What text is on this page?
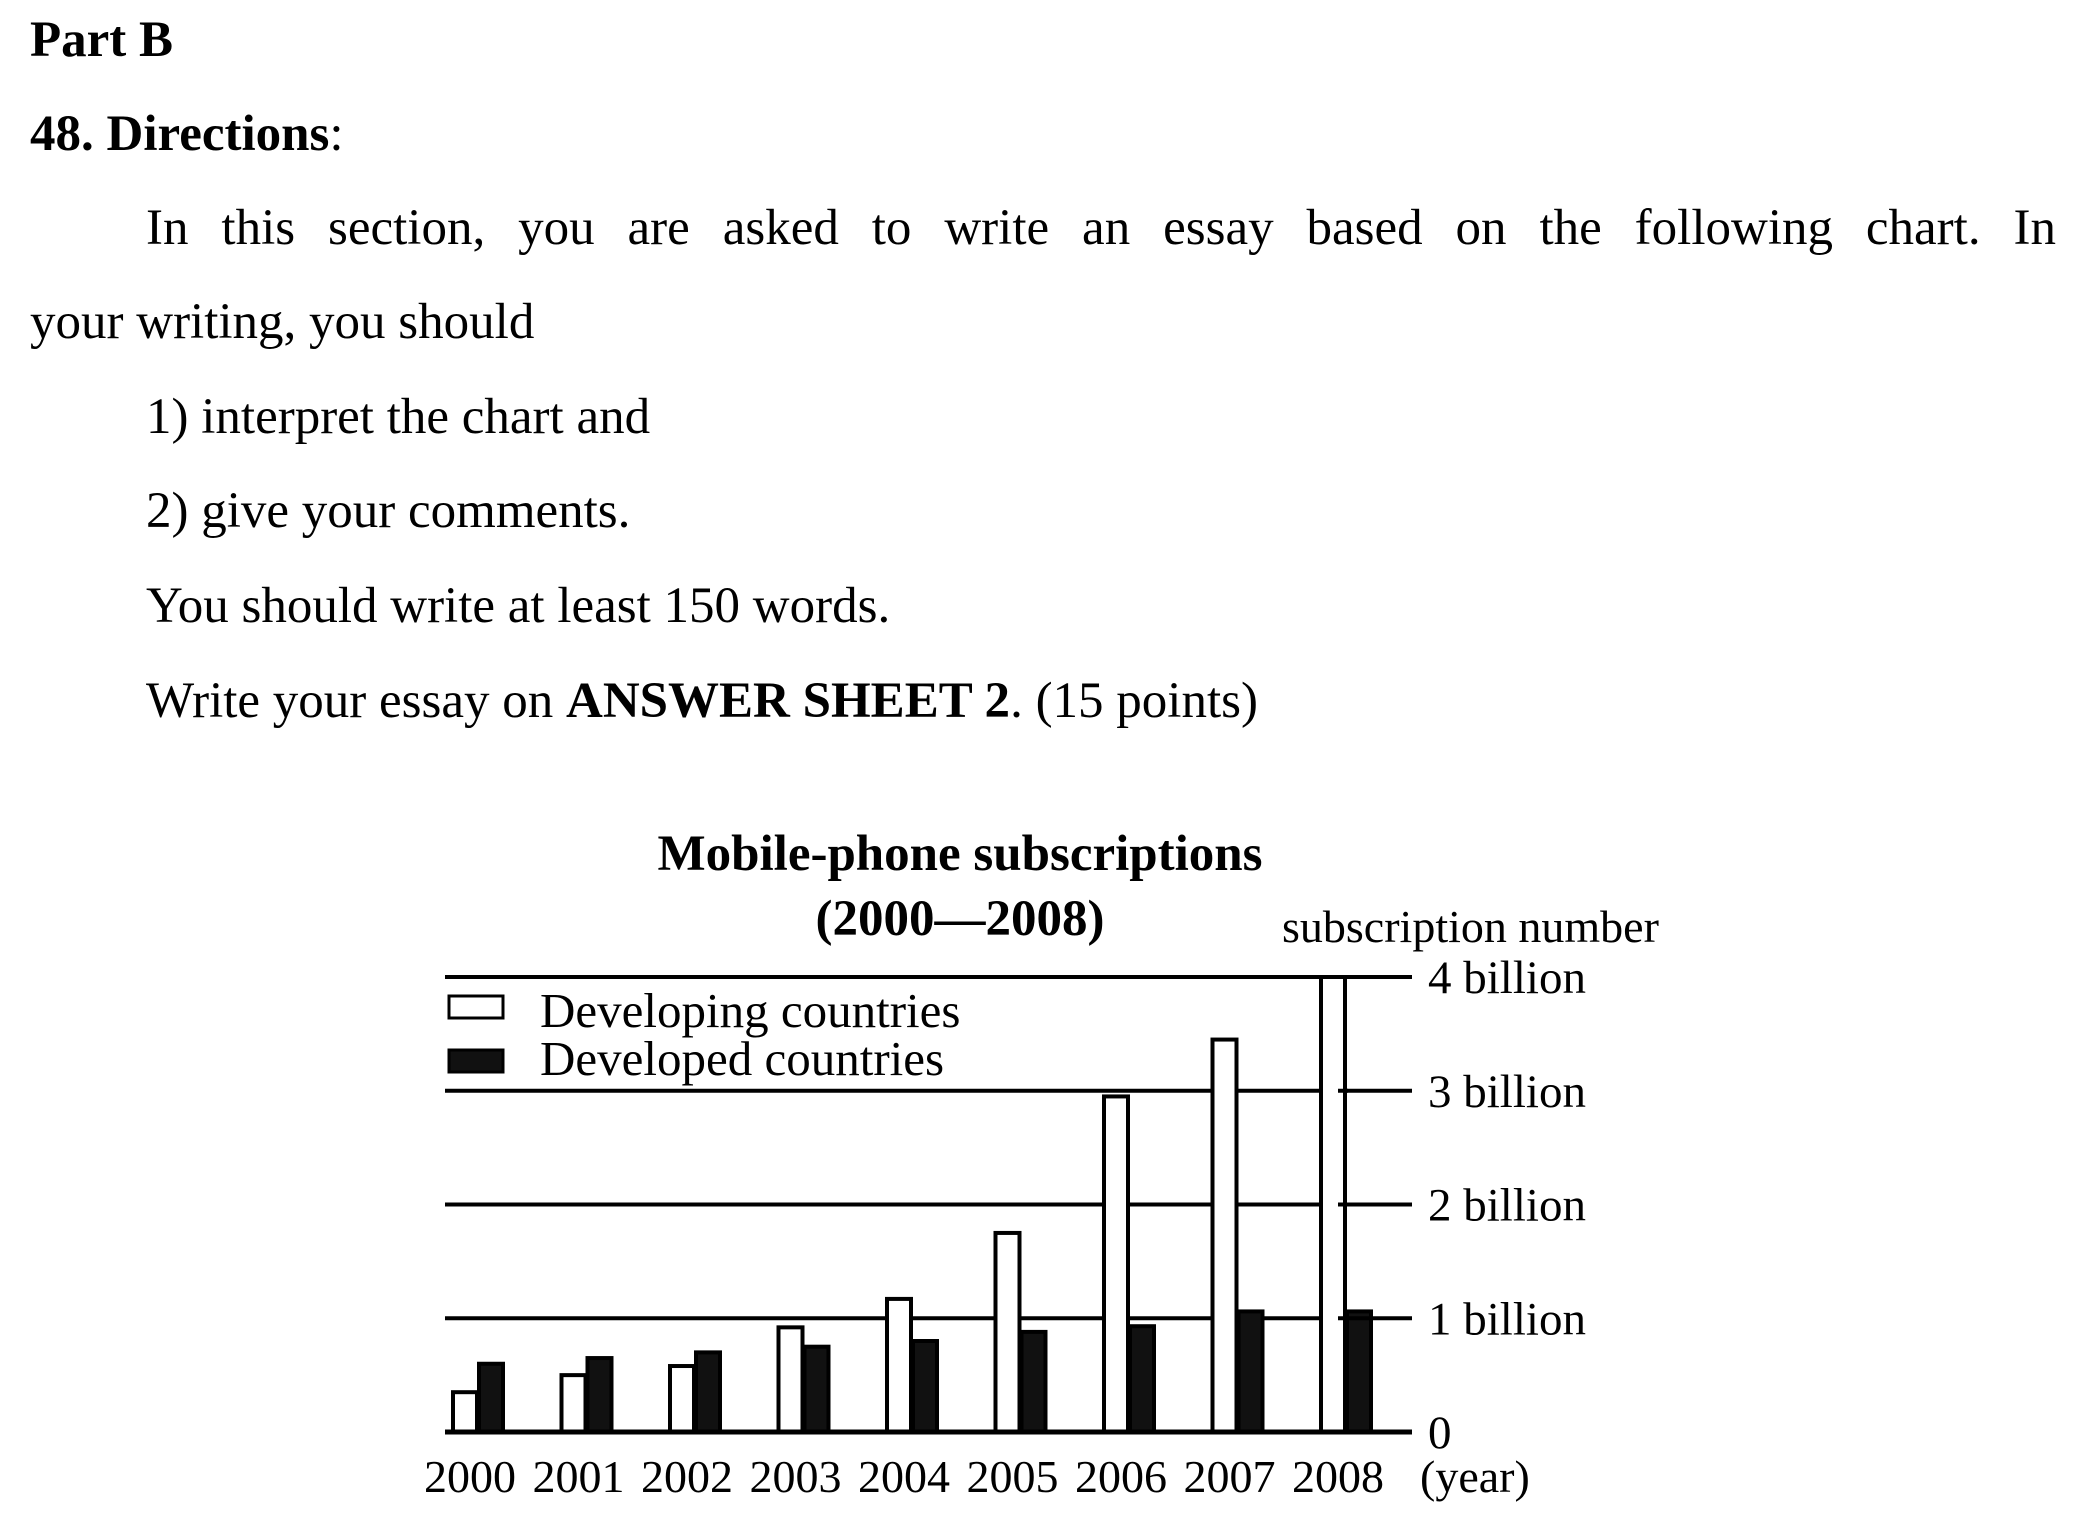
Part B
48. Directions:
In this section, you are asked to write an essay based on the following chart. In
your writing, you should
1) interpret the chart and
2) give your comments.
You should write at least 150 words.
Write your essay on ANSWER SHEET 2. (15 points)
Mobile-phone subscriptions
(2000—2008)	subscription number
Developing countries
Developed countries
0
1 billion
2 billion
3 billion
4 billion
2000 2001 2002 2003 2004 2005 2006 2007 2008 (year)
